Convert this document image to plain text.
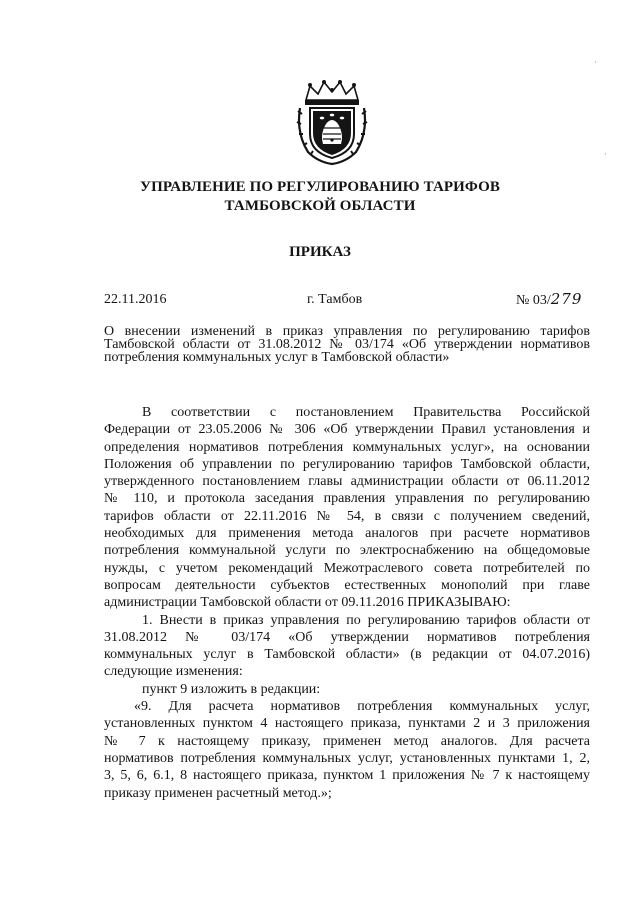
УПРАВЛЕНИЕ ПО РЕГУЛИРОВАНИЮ ТАРИФОВ
ТАМБОВСКОЙ ОБЛАСТИ
ПРИКАЗ
22.11.2016	г. Тамбов	№ 03/279
О внесении изменений в приказ управления по регулированию тарифов
Тамбовской области от 31.08.2012 № 03/174 «Об утверждении нормативов
потребления коммунальных услуг в Тамбовской области»
В соответствии с постановлением Правительства Российской
Федерации от 23.05.2006 № 306 «Об утверждении Правил установления и
определения нормативов потребления коммунальных услуг», на основании
Положения об управлении по регулированию тарифов Тамбовской области,
утвержденного постановлением главы администрации области от 06.11.2012
№ 110, и протокола заседания правления управления по регулированию
тарифов области от 22.11.2016 № 54, в связи с получением сведений,
необходимых для применения метода аналогов при расчете нормативов
потребления коммунальной услуги по электроснабжению на общедомовые
нужды, с учетом рекомендаций Межотраслевого совета потребителей по
вопросам деятельности субъектов естественных монополий при главе
администрации Тамбовской области от 09.11.2016 ПРИКАЗЫВАЮ:
1. Внести в приказ управления по регулированию тарифов области от
31.08.2012 № 03/174 «Об утверждении нормативов потребления
коммунальных услуг в Тамбовской области» (в редакции от 04.07.2016)
следующие изменения:
пункт 9 изложить в редакции:
«9. Для расчета нормативов потребления коммунальных услуг,
установленных пунктом 4 настоящего приказа, пунктами 2 и 3 приложения
№ 7 к настоящему приказу, применен метод аналогов. Для расчета
нормативов потребления коммунальных услуг, установленных пунктами 1, 2,
3, 5, 6, 6.1, 8 настоящего приказа, пунктом 1 приложения № 7 к настоящему
приказу применен расчетный метод.»;
·
·
